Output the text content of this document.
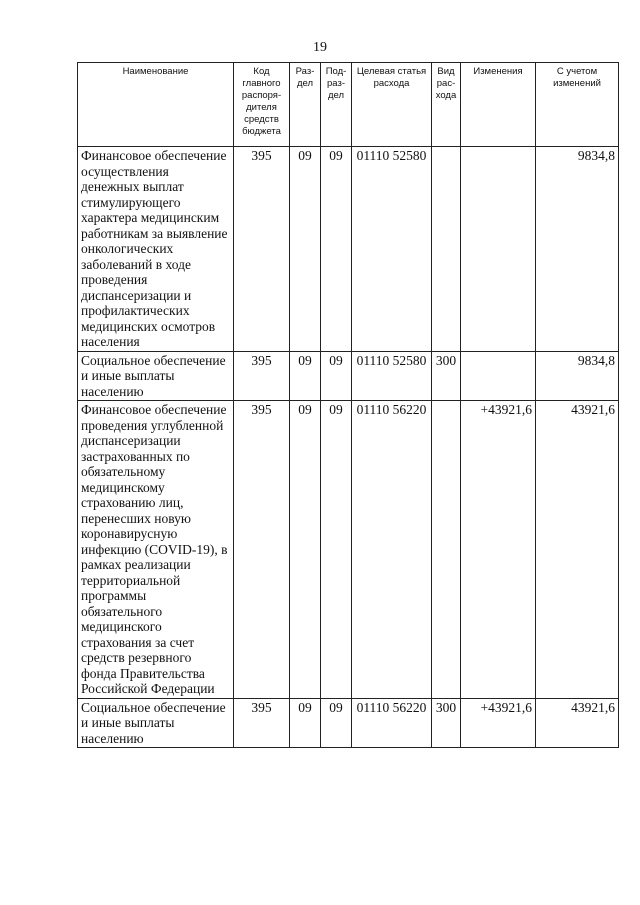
19
Наименование	Код главного распоря-дителя средств бюджета	Раз-дел	Под-раз-дел	Целевая статья расхода	Вид рас-хода	Изменения	С учетом изменений
Финансовое обеспечение осуществления денежных выплат стимулирующего характера медицинским работникам за выявление онкологических заболеваний в ходе проведения диспансеризации и профилактических медицинских осмотров населения	395	09	09	01110 52580			9834,8
Социальное обеспечение и иные выплаты населению	395	09	09	01110 52580	300		9834,8
Финансовое обеспечение проведения углубленной диспансеризации застрахованных по обязательному медицинскому страхованию лиц, перенесших новую коронавирусную инфекцию (COVID-19), в рамках реализации территориальной программы обязательного медицинского страхования за счет средств резервного фонда Правительства Российской Федерации	395	09	09	01110 56220		+43921,6	43921,6
Социальное обеспечение и иные выплаты населению	395	09	09	01110 56220	300	+43921,6	43921,6
